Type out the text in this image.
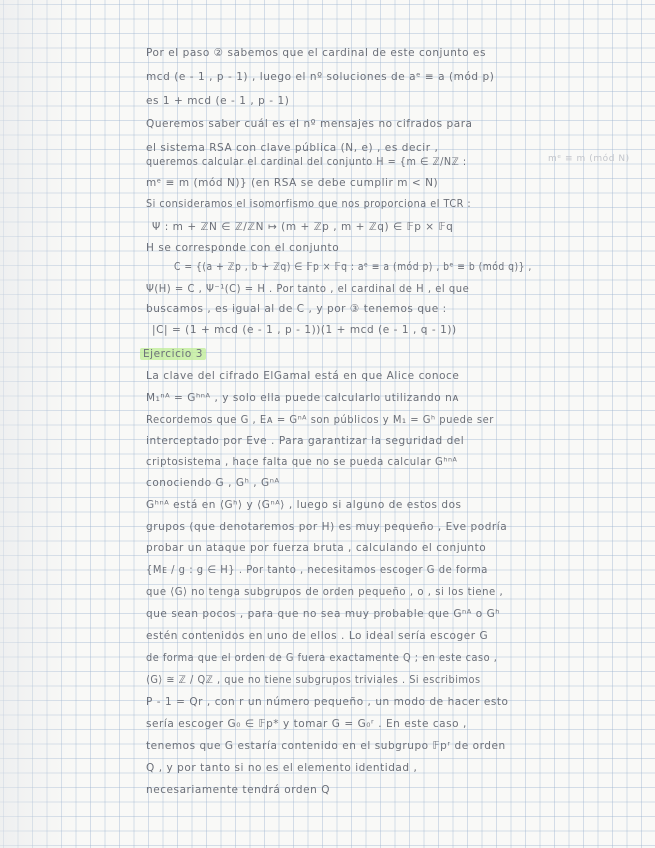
Por el paso ② sabemos que el cardinal de este conjunto es
mcd (e - 1 , p - 1) , luego el nº soluciones de aᵉ ≡ a (mód p)
es 1 + mcd (e - 1 , p - 1)
Queremos saber cuál es el nº mensajes no cifrados para
el sistema RSA con clave pública (N, e) , es decir ,
queremos calcular el cardinal del conjunto H = {m ∈ ℤ/Nℤ :	mᵉ ≡ m (mód N)
mᵉ ≡ m (mód N)} (en RSA se debe cumplir m < N)
Si consideramos el isomorfismo que nos proporciona el TCR :
Ψ : m + ℤN ∈ ℤ/ℤN ↦ (m + ℤp , m + ℤq) ∈ 𝔽p × 𝔽q
H se corresponde con el conjunto
C = {(a + ℤp , b + ℤq) ∈ 𝔽p × 𝔽q : aᵉ ≡ a (mód p) , bᵉ ≡ b (mód q)} ,
Ψ(H) = C , Ψ⁻¹(C) = H . Por tanto , el cardinal de H , el que
buscamos , es igual al de C , y por ③ tenemos que :
|C| = (1 + mcd (e - 1 , p - 1))(1 + mcd (e - 1 , q - 1))
Ejercicio 3
La clave del cifrado ElGamal está en que Alice conoce
M₁ⁿᴬ = Gʰⁿᴬ , y solo ella puede calcularlo utilizando nᴀ
Recordemos que G , Eᴀ = Gⁿᴬ son públicos y M₁ = Gʰ puede ser
interceptado por Eve . Para garantizar la seguridad del
criptosistema , hace falta que no se pueda calcular Gʰⁿᴬ
conociendo G , Gʰ , Gⁿᴬ
Gʰⁿᴬ está en ⟨Gʰ⟩ y ⟨Gⁿᴬ⟩ , luego si alguno de estos dos
grupos (que denotaremos por H) es muy pequeño , Eve podría
probar un ataque por fuerza bruta , calculando el conjunto
{Mᴇ / g : g ∈ H} . Por tanto , necesitamos escoger G de forma
que ⟨G⟩ no tenga subgrupos de orden pequeño , o , si los tiene ,
que sean pocos , para que no sea muy probable que Gⁿᴬ o Gʰ
estén contenidos en uno de ellos . Lo ideal sería escoger G
de forma que el orden de G fuera exactamente Q ; en este caso ,
⟨G⟩ ≅ ℤ / Qℤ , que no tiene subgrupos triviales . Si escribimos
P - 1 = Qr , con r un número pequeño , un modo de hacer esto
sería escoger G₀ ∈ 𝔽p* y tomar G = G₀ʳ . En este caso ,
tenemos que G estaría contenido en el subgrupo 𝔽pʳ de orden
Q , y por tanto si no es el elemento identidad ,
necesariamente tendrá orden Q
